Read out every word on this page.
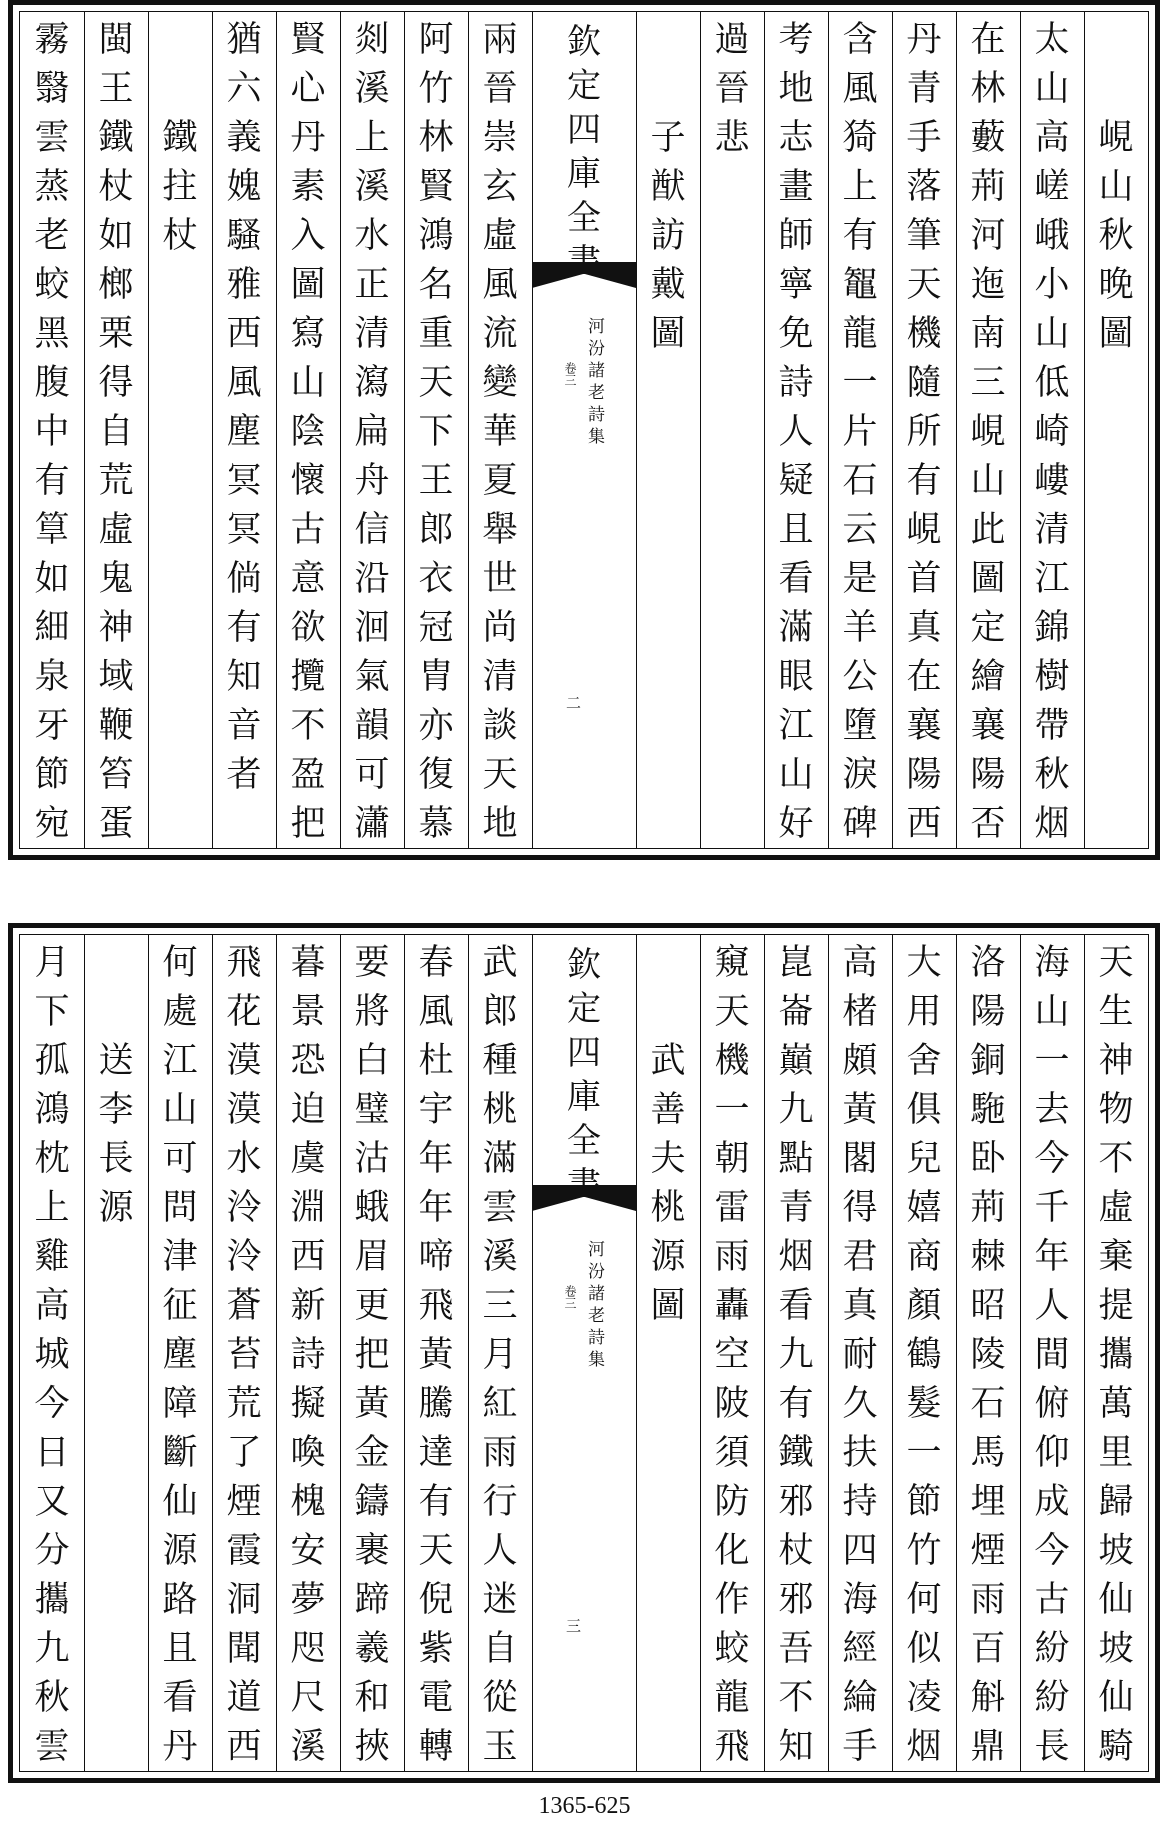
峴
山
秋
晚
圖
太
山
高
嵯
峨
小
山
低
崎
嶁
清
江
錦
樹
帶
秋
烟
在
林
藪
荊
河
迤
南
三
峴
山
此
圖
定
繪
襄
陽
否
丹
青
手
落
筆
天
機
隨
所
有
峴
首
真
在
襄
陽
西
含
風
猗
上
有
鼅
龍
一
片
石
云
是
羊
公
墮
淚
碑
考
地
志
畫
師
寧
免
詩
人
疑
且
看
滿
眼
江
山
好
過
晉
悲
子
猷
訪
戴
圖
欽
定
四
庫
全
河
汾
諸
老
詩
集
卷三
二
兩
晉
崇
玄
虛
風
流
變
華
夏
舉
世
尚
清
談
天
地
阿
竹
林
賢
鴻
名
重
天
下
王
郎
衣
冠
胄
亦
復
慕
剡
溪
上
溪
水
正
清
瀉
扁
舟
信
沿
洄
氣
韻
可
瀟
賢
心
丹
素
入
圖
寫
山
陰
懷
古
意
欲
攬
不
盈
把
猶
六
義
媿
騷
雅
西
風
塵
冥
冥
倘
有
知
音
者
鐵
拄
杖
閩
王
鐵
杖
如
榔
栗
得
自
荒
虛
鬼
神
域
鞭
笞
蛋
霧
翳
雲
蒸
老
蛟
黑
腹
中
有
筸
如
細
泉
牙
節
宛
天
生
神
物
不
虛
棄
提
攜
萬
里
歸
坡
仙
坡
仙
騎
海
山
一
去
今
千
年
人
間
俯
仰
成
今
古
紛
紛
長
洛
陽
銅
駞
卧
荊
棘
昭
陵
石
馬
埋
煙
雨
百
斛
鼎
大
用
舍
俱
兒
嬉
商
顏
鶴
髮
一
節
竹
何
似
凌
烟
高
楮
頗
黃
閣
得
君
真
耐
久
扶
持
四
海
經
綸
手
崑
崙
巔
九
點
青
烟
看
九
有
鐵
邪
杖
邪
吾
不
知
窺
天
機
一
朝
雷
雨
轟
空
陂
須
防
化
作
蛟
龍
飛
武
善
夫
桃
源
圖
欽
定
四
庫
全
河
汾
諸
老
詩
集
卷三
三
武
郎
種
桃
滿
雲
溪
三
月
紅
雨
行
人
迷
自
從
玉
春
風
杜
宇
年
年
啼
飛
黃
騰
達
有
天
倪
紫
電
轉
要
將
白
璧
沽
蛾
眉
更
把
黃
金
鑄
裹
蹄
羲
和
挾
暮
景
恐
迫
虞
淵
西
新
詩
擬
喚
槐
安
夢
咫
尺
溪
飛
花
漠
漠
水
泠
泠
蒼
苔
荒
了
煙
霞
洞
聞
道
西
何
處
江
山
可
問
津
征
塵
障
斷
仙
源
路
且
看
丹
送
李
長
源
月
下
孤
鴻
枕
上
雞
高
城
今
日
又
分
攜
九
秋
雲
1365-625
